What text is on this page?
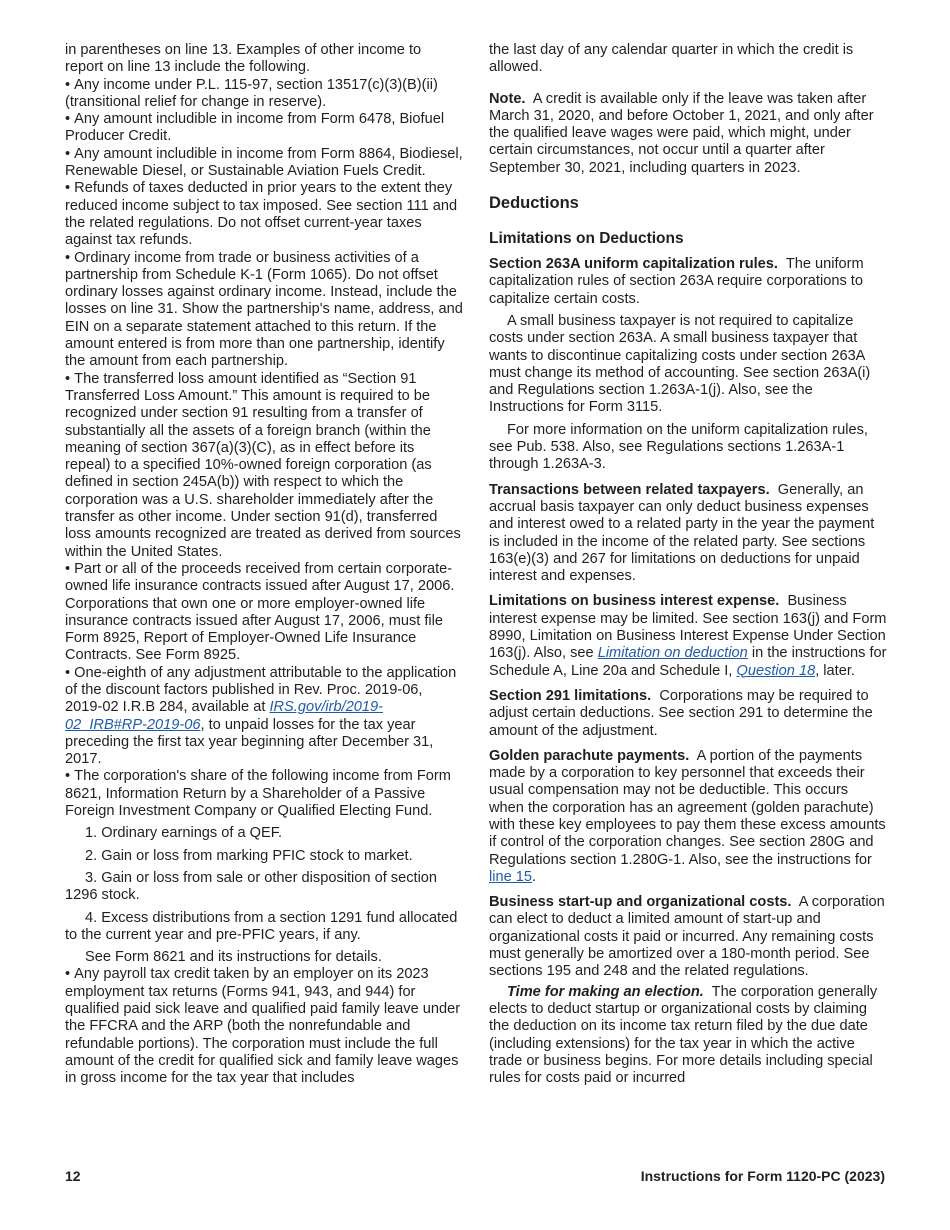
in parentheses on line 13. Examples of other income to report on line 13 include the following.

• Any income under P.L. 115-97, section 13517(c)(3)(B)(ii) (transitional relief for change in reserve).

• Any amount includible in income from Form 6478, Biofuel Producer Credit.

• Any amount includible in income from Form 8864, Biodiesel, Renewable Diesel, or Sustainable Aviation Fuels Credit.

• Refunds of taxes deducted in prior years to the extent they reduced income subject to tax imposed. See section 111 and the related regulations. Do not offset current-year taxes against tax refunds.

• Ordinary income from trade or business activities of a partnership from Schedule K-1 (Form 1065). Do not offset ordinary losses against ordinary income. Instead, include the losses on line 31. Show the partnership's name, address, and EIN on a separate statement attached to this return. If the amount entered is from more than one partnership, identify the amount from each partnership.

• The transferred loss amount identified as “Section 91 Transferred Loss Amount.” This amount is required to be recognized under section 91 resulting from a transfer of substantially all the assets of a foreign branch (within the meaning of section 367(a)(3)(C), as in effect before its repeal) to a specified 10%-owned foreign corporation (as defined in section 245A(b)) with respect to which the corporation was a U.S. shareholder immediately after the transfer as other income. Under section 91(d), transferred loss amounts recognized are treated as derived from sources within the United States.

• Part or all of the proceeds received from certain corporate-owned life insurance contracts issued after August 17, 2006. Corporations that own one or more employer-owned life insurance contracts issued after August 17, 2006, must file Form 8925, Report of Employer-Owned Life Insurance Contracts. See Form 8925.

• One-eighth of any adjustment attributable to the application of the discount factors published in Rev. Proc. 2019-06, 2019-02 I.R.B 284, available at IRS.gov/irb/2019-02_IRB#RP-2019-06, to unpaid losses for the tax year preceding the first tax year beginning after December 31, 2017.

• The corporation's share of the following income from Form 8621, Information Return by a Shareholder of a Passive Foreign Investment Company or Qualified Electing Fund.

1. Ordinary earnings of a QEF.

2. Gain or loss from marking PFIC stock to market.

3. Gain or loss from sale or other disposition of section 1296 stock.

4. Excess distributions from a section 1291 fund allocated to the current year and pre-PFIC years, if any.

See Form 8621 and its instructions for details.

• Any payroll tax credit taken by an employer on its 2023 employment tax returns (Forms 941, 943, and 944) for qualified paid sick leave and qualified paid family leave under the FFCRA and the ARP (both the nonrefundable and refundable portions). The corporation must include the full amount of the credit for qualified sick and family leave wages in gross income for the tax year that includes

the last day of any calendar quarter in which the credit is allowed.

Note. A credit is available only if the leave was taken after March 31, 2020, and before October 1, 2021, and only after the qualified leave wages were paid, which might, under certain circumstances, not occur until a quarter after September 30, 2021, including quarters in 2023.

Deductions
Limitations on Deductions

Section 263A uniform capitalization rules. The uniform capitalization rules of section 263A require corporations to capitalize certain costs.

A small business taxpayer is not required to capitalize costs under section 263A. A small business taxpayer that wants to discontinue capitalizing costs under section 263A must change its method of accounting. See section 263A(i) and Regulations section 1.263A-1(j). Also, see the Instructions for Form 3115.

For more information on the uniform capitalization rules, see Pub. 538. Also, see Regulations sections 1.263A-1 through 1.263A-3.

Transactions between related taxpayers. Generally, an accrual basis taxpayer can only deduct business expenses and interest owed to a related party in the year the payment is included in the income of the related party. See sections 163(e)(3) and 267 for limitations on deductions for unpaid interest and expenses.

Limitations on business interest expense. Business interest expense may be limited. See section 163(j) and Form 8990, Limitation on Business Interest Expense Under Section 163(j). Also, see Limitation on deduction in the instructions for Schedule A, Line 20a and Schedule I, Question 18, later.

Section 291 limitations. Corporations may be required to adjust certain deductions. See section 291 to determine the amount of the adjustment.

Golden parachute payments. A portion of the payments made by a corporation to key personnel that exceeds their usual compensation may not be deductible. This occurs when the corporation has an agreement (golden parachute) with these key employees to pay them these excess amounts if control of the corporation changes. See section 280G and Regulations section 1.280G-1. Also, see the instructions for line 15.

Business start-up and organizational costs. A corporation can elect to deduct a limited amount of start-up and organizational costs it paid or incurred. Any remaining costs must generally be amortized over a 180-month period. See sections 195 and 248 and the related regulations.

Time for making an election. The corporation generally elects to deduct startup or organizational costs by claiming the deduction on its income tax return filed by the due date (including extensions) for the tax year in which the active trade or business begins. For more details including special rules for costs paid or incurred

12	Instructions for Form 1120-PC (2023)
